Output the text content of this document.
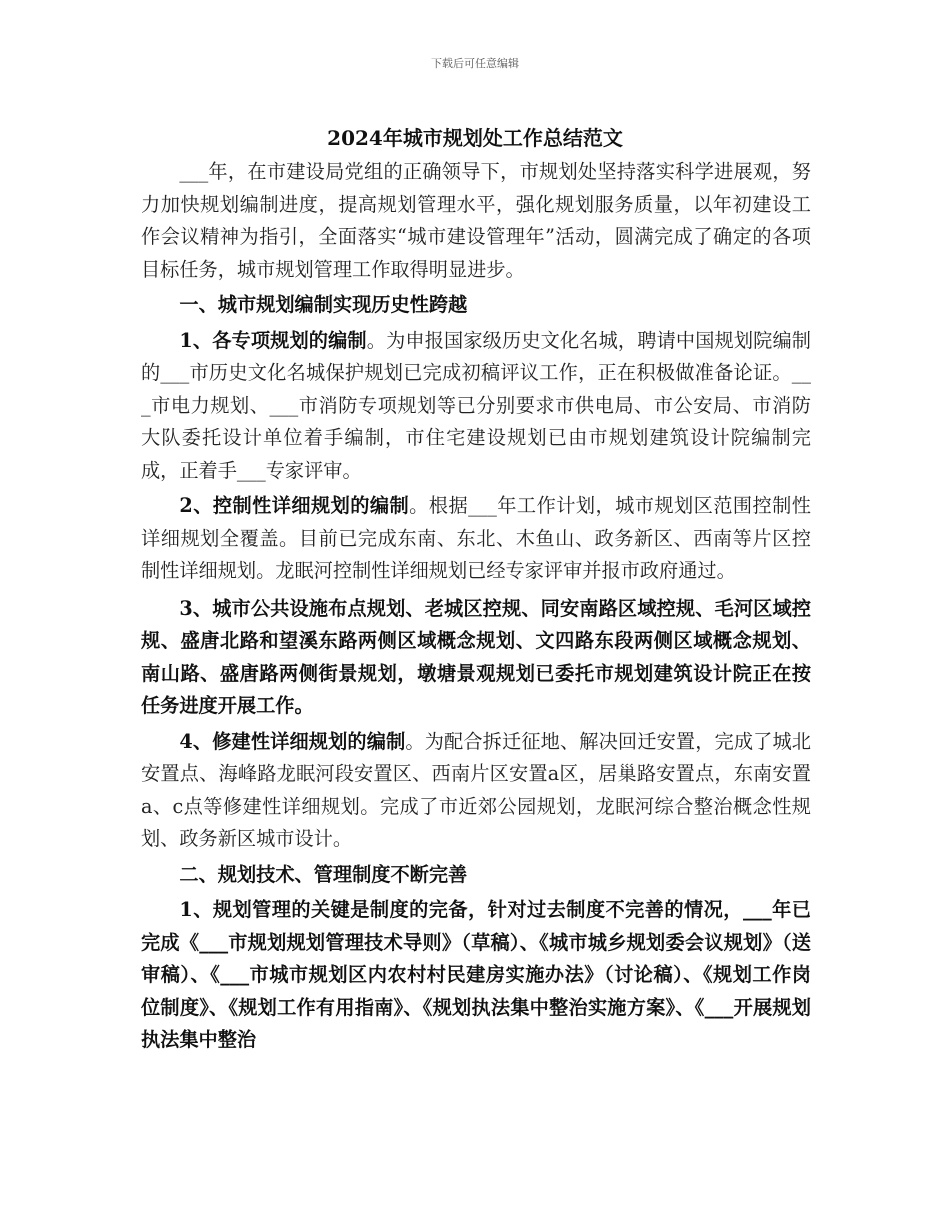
下载后可任意编辑
2024年城市规划处工作总结范文

___年，在市建设局党组的正确领导下，市规划处坚持落实科学进展观，努力加快规划编制进度，提高规划管理水平，强化规划服务质量，以年初建设工作会议精神为指引，全面落实“城市建设管理年”活动，圆满完成了确定的各项目标任务，城市规划管理工作取得明显进步。

一、城市规划编制实现历史性跨越

1、各专项规划的编制。为申报国家级历史文化名城，聘请中国规划院编制的___市历史文化名城保护规划已完成初稿评议工作，正在积极做准备论证。___市电力规划、___市消防专项规划等已分别要求市供电局、市公安局、市消防大队委托设计单位着手编制，市住宅建设规划已由市规划建筑设计院编制完成，正着手___专家评审。

2、控制性详细规划的编制。根据___年工作计划，城市规划区范围控制性详细规划全覆盖。目前已完成东南、东北、木鱼山、政务新区、西南等片区控制性详细规划。龙眠河控制性详细规划已经专家评审并报市政府通过。

3、城市公共设施布点规划、老城区控规、同安南路区域控规、毛河区域控规、盛唐北路和望溪东路两侧区域概念规划、文四路东段两侧区域概念规划、南山路、盛唐路两侧街景规划，墩塘景观规划已委托市规划建筑设计院正在按任务进度开展工作。

4、修建性详细规划的编制。为配合拆迁征地、解决回迁安置，完成了城北安置点、海峰路龙眠河段安置区、西南片区安置a区，居巢路安置点，东南安置a、c点等修建性详细规划。完成了市近郊公园规划，龙眠河综合整治概念性规划、政务新区城市设计。

二、规划技术、管理制度不断完善

1、规划管理的关键是制度的完备，针对过去制度不完善的情况，___年已完成《___市规划规划管理技术导则》（草稿）、《城市城乡规划委会议规划》（送审稿）、《___市城市规划区内农村村民建房实施办法》（讨论稿）、《规划工作岗位制度》、《规划工作有用指南》、《规划执法集中整治实施方案》、《___开展规划执法集中整治
